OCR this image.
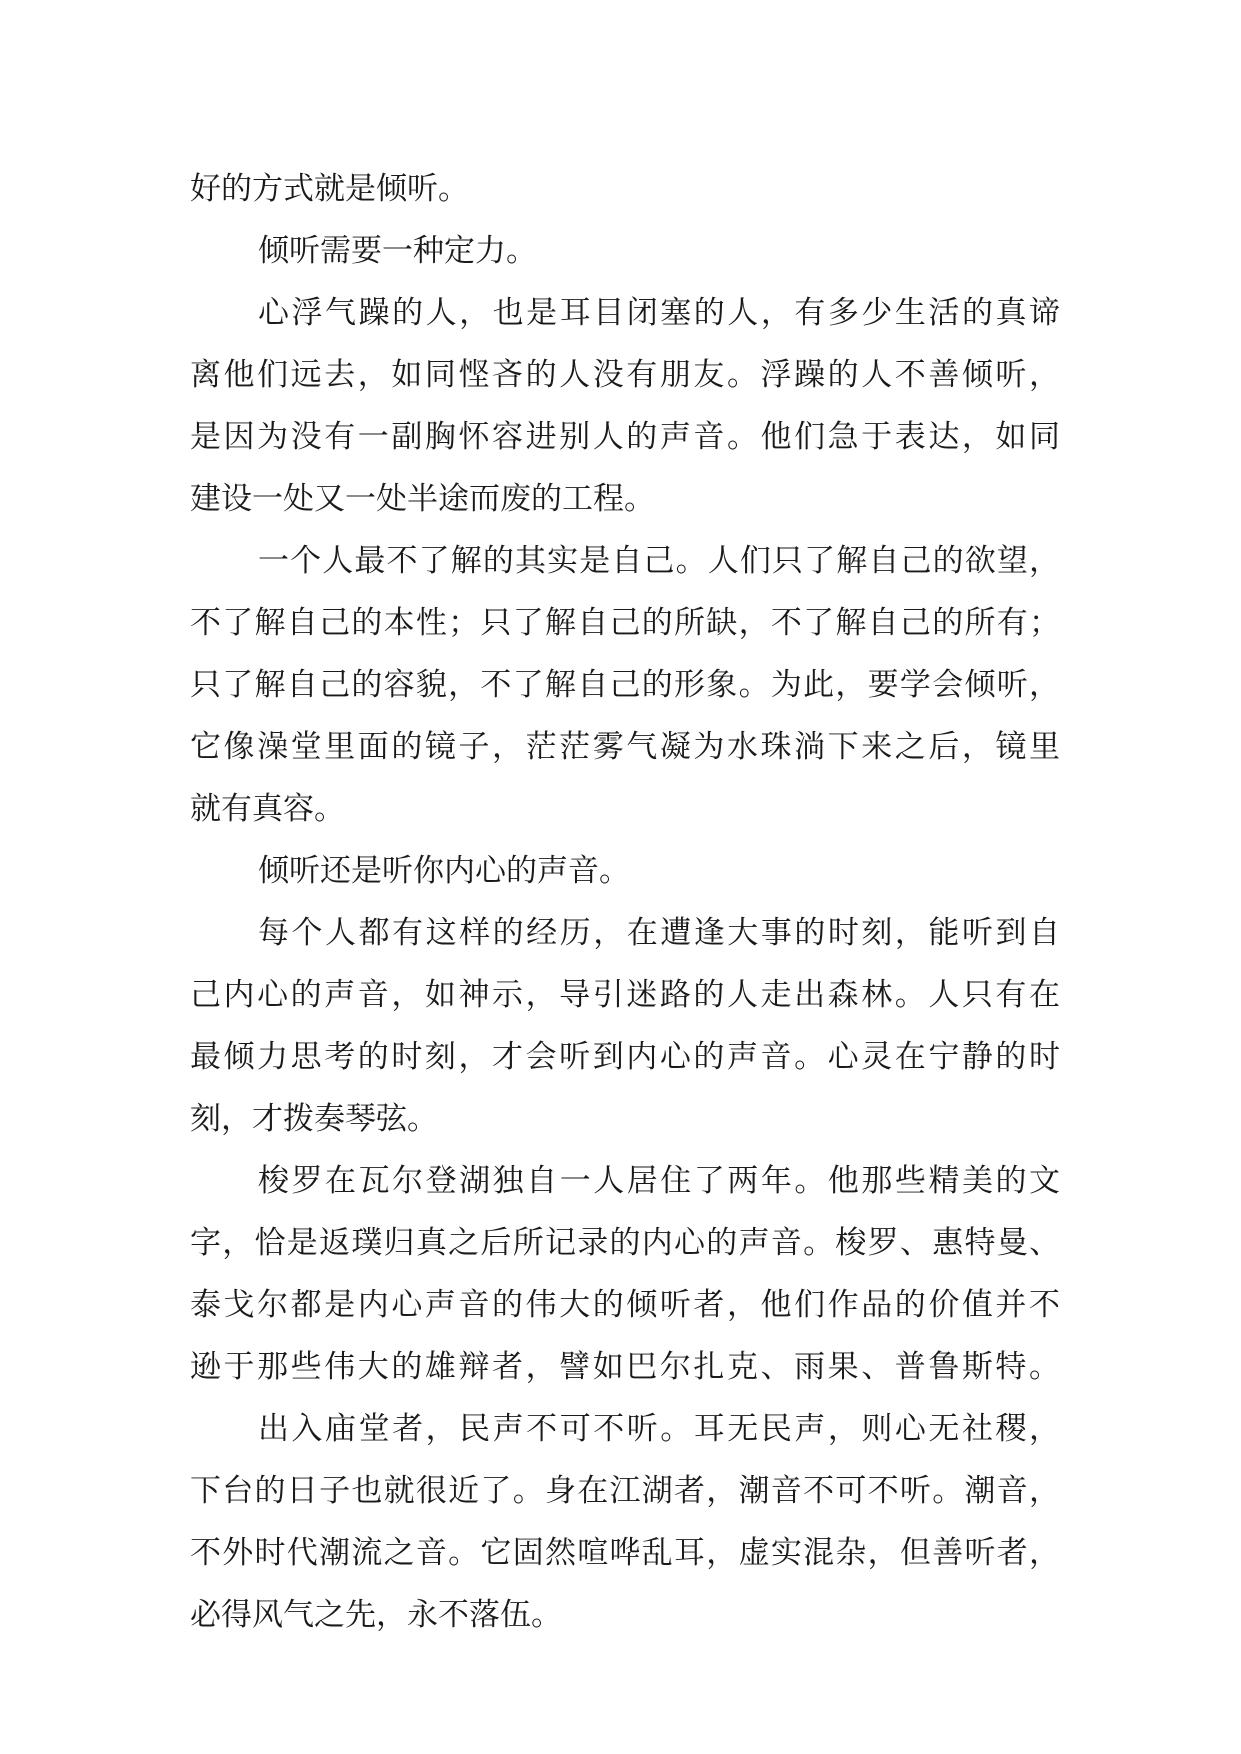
好的方式就是倾听。
倾听需要一种定力。
心浮气躁的人，也是耳目闭塞的人，有多少生活的真谛
离他们远去，如同悭吝的人没有朋友。浮躁的人不善倾听，
是因为没有一副胸怀容进别人的声音。他们急于表达，如同
建设一处又一处半途而废的工程。
一个人最不了解的其实是自己。人们只了解自己的欲望，
不了解自己的本性；只了解自己的所缺，不了解自己的所有；
只了解自己的容貌，不了解自己的形象。为此，要学会倾听，
它像澡堂里面的镜子，茫茫雾气凝为水珠淌下来之后，镜里
就有真容。
倾听还是听你内心的声音。
每个人都有这样的经历，在遭逢大事的时刻，能听到自
己内心的声音，如神示，导引迷路的人走出森林。人只有在
最倾力思考的时刻，才会听到内心的声音。心灵在宁静的时
刻，才拨奏琴弦。
梭罗在瓦尔登湖独自一人居住了两年。他那些精美的文
字，恰是返璞归真之后所记录的内心的声音。梭罗、惠特曼、
泰戈尔都是内心声音的伟大的倾听者，他们作品的价值并不
逊于那些伟大的雄辩者，譬如巴尔扎克、雨果、普鲁斯特。
出入庙堂者，民声不可不听。耳无民声，则心无社稷，
下台的日子也就很近了。身在江湖者，潮音不可不听。潮音，
不外时代潮流之音。它固然喧哗乱耳，虚实混杂，但善听者，
必得风气之先，永不落伍。
